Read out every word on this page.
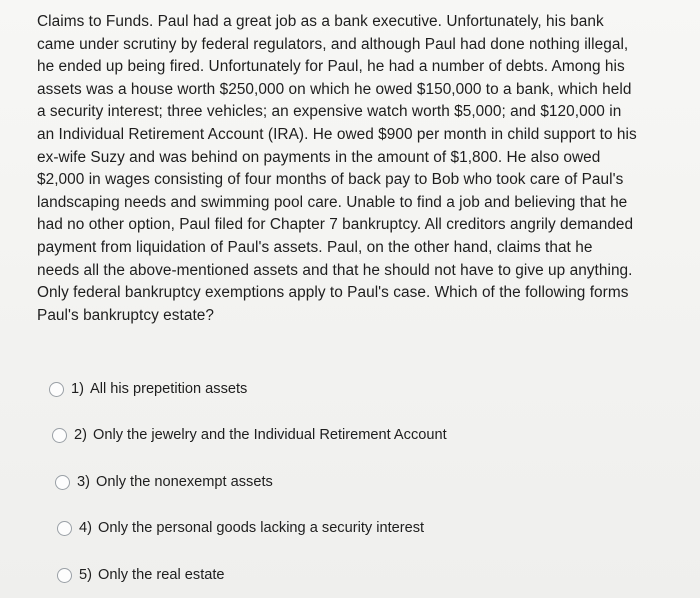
Claims to Funds. Paul had a great job as a bank executive. Unfortunately, his bank came under scrutiny by federal regulators, and although Paul had done nothing illegal, he ended up being fired. Unfortunately for Paul, he had a number of debts. Among his assets was a house worth $250,000 on which he owed $150,000 to a bank, which held a security interest; three vehicles; an expensive watch worth $5,000; and $120,000 in an Individual Retirement Account (IRA). He owed $900 per month in child support to his ex-wife Suzy and was behind on payments in the amount of $1,800. He also owed $2,000 in wages consisting of four months of back pay to Bob who took care of Paul's landscaping needs and swimming pool care. Unable to find a job and believing that he had no other option, Paul filed for Chapter 7 bankruptcy. All creditors angrily demanded payment from liquidation of Paul's assets. Paul, on the other hand, claims that he needs all the above-mentioned assets and that he should not have to give up anything. Only federal bankruptcy exemptions apply to Paul's case. Which of the following forms Paul's bankruptcy estate?

1) All his prepetition assets
2) Only the jewelry and the Individual Retirement Account
3) Only the nonexempt assets
4) Only the personal goods lacking a security interest
5) Only the real estate
